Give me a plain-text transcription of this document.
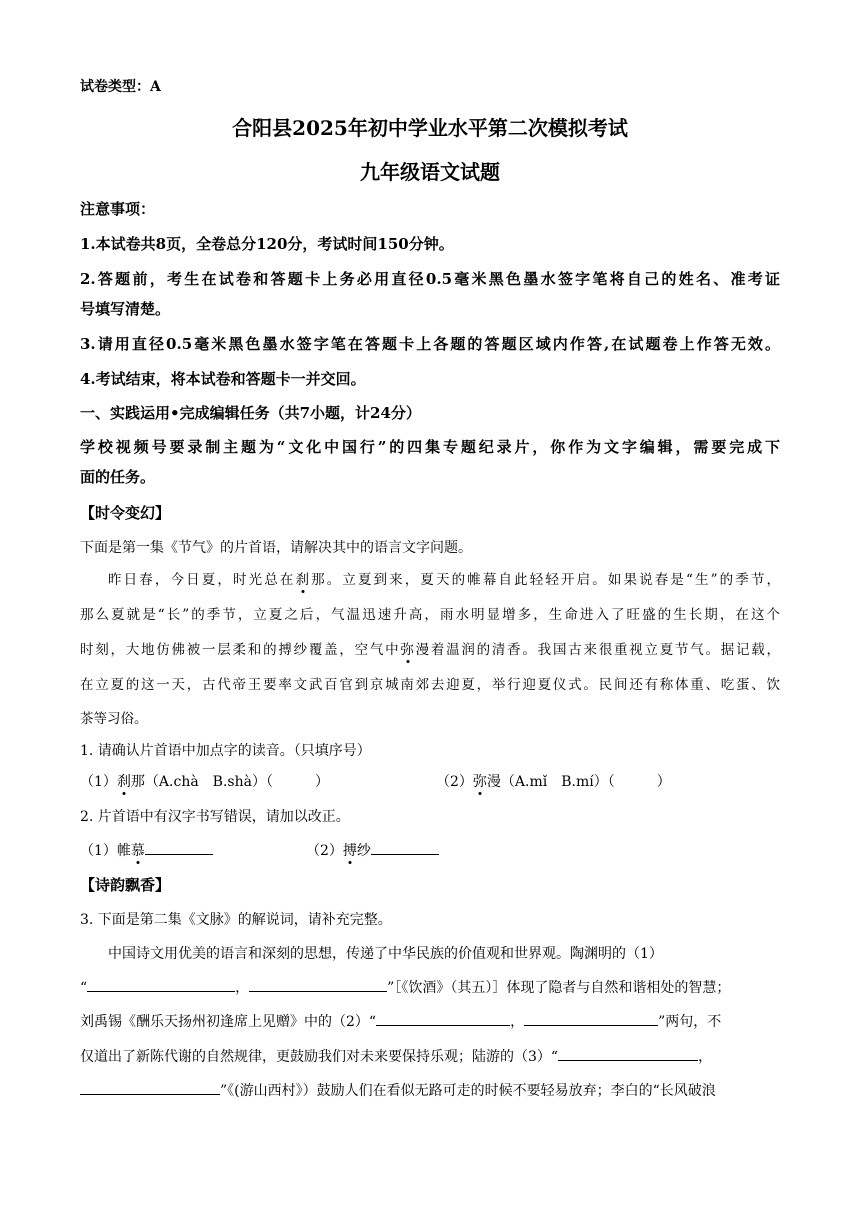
试卷类型：A
合阳县2025年初中学业水平第二次模拟考试
九年级语文试题
注意事项：
1.本试卷共8页，全卷总分120分，考试时间150分钟。
2.答题前，考生在试卷和答题卡上务必用直径0.5毫米黑色墨水签字笔将自己的姓名、准考证
号填写清楚。
3.请用直径0.5毫米黑色墨水签字笔在答题卡上各题的答题区域内作答,在试题卷上作答无效。
4.考试结束，将本试卷和答题卡一并交回。
一、实践运用•完成编辑任务（共7小题，计24分）
学校视频号要录制主题为“文化中国行”的四集专题纪录片，你作为文字编辑，需要完成下
面的任务。
【时令变幻】
下面是第一集《节气》的片首语，请解决其中的语言文字问题。
昨日春，今日夏，时光总在刹那。立夏到来，夏天的帷幕自此轻轻开启。如果说春是“生”的季节，
那么夏就是“长”的季节，立夏之后，气温迅速升高，雨水明显增多，生命进入了旺盛的生长期，在这个
时刻，大地仿佛被一层柔和的搏纱覆盖，空气中弥漫着温润的清香。我国古来很重视立夏节气。据记载，
在立夏的这一天，古代帝王要率文武百官到京城南郊去迎夏，举行迎夏仪式。民间还有称体重、吃蛋、饮
茶等习俗。
1. 请确认片首语中加点字的读音。（只填序号）
（1）刹那（A.chà　B.shà）（　　　）	（2）弥漫（A.mǐ　B.mí）（　　　）
2. 片首语中有汉字书写错误，请加以改正。
（1）帷慕	（2）搏纱
【诗韵飘香】
3. 下面是第二集《文脉》的解说词，请补充完整。
中国诗文用优美的语言和深刻的思想，传递了中华民族的价值观和世界观。陶渊明的（1）
“	，	”［《饮酒》（其五）］体现了隐者与自然和谐相处的智慧；
刘禹锡《酬乐天扬州初逢席上见赠》中的（2）“	，	”两句，不
仅道出了新陈代谢的自然规律，更鼓励我们对未来要保持乐观；陆游的（3）“	，
”《(游山西村》）鼓励人们在看似无路可走的时候不要轻易放弃；李白的“长风破浪
